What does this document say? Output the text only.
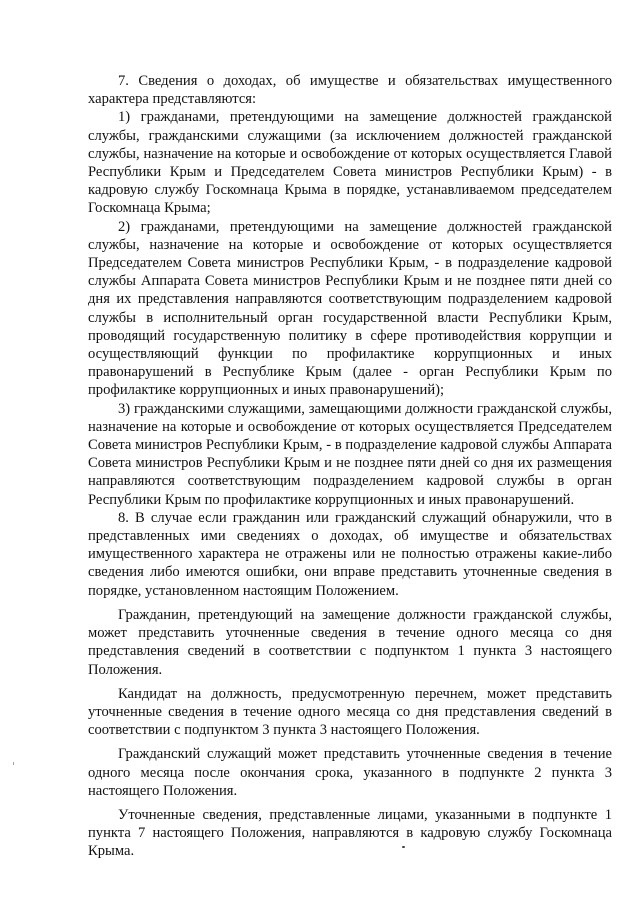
7. Сведения о доходах, об имуществе и обязательствах имущественного характера представляются:

1) гражданами, претендующими на замещение должностей гражданской службы, гражданскими служащими (за исключением должностей гражданской службы, назначение на которые и освобождение от которых осуществляется Главой Республики Крым и Председателем Совета министров Республики Крым) - в кадровую службу Госкомнаца Крыма в порядке, устанавливаемом председателем Госкомнаца Крыма;

2) гражданами, претендующими на замещение должностей гражданской службы, назначение на которые и освобождение от которых осуществляется Председателем Совета министров Республики Крым, - в подразделение кадровой службы Аппарата Совета министров Республики Крым и не позднее пяти дней со дня их представления направляются соответствующим подразделением кадровой службы в исполнительный орган государственной власти Республики Крым, проводящий государственную политику в сфере противодействия коррупции и осуществляющий функции по профилактике коррупционных и иных правонарушений в Республике Крым (далее - орган Республики Крым по профилактике коррупционных и иных правонарушений);

3) гражданскими служащими, замещающими должности гражданской службы, назначение на которые и освобождение от которых осуществляется Председателем Совета министров Республики Крым, - в подразделение кадровой службы Аппарата Совета министров Республики Крым и не позднее пяти дней со дня их размещения направляются соответствующим подразделением кадровой службы в орган Республики Крым по профилактике коррупционных и иных правонарушений.

8. В случае если гражданин или гражданский служащий обнаружили, что в представленных ими сведениях о доходах, об имуществе и обязательствах имущественного характера не отражены или не полностью отражены какие-либо сведения либо имеются ошибки, они вправе представить уточненные сведения в порядке, установленном настоящим Положением.

Гражданин, претендующий на замещение должности гражданской службы, может представить уточненные сведения в течение одного месяца со дня представления сведений в соответствии с подпунктом 1 пункта 3 настоящего Положения.

Кандидат на должность, предусмотренную перечнем, может представить уточненные сведения в течение одного месяца со дня представления сведений в соответствии с подпунктом 3 пункта 3 настоящего Положения.

Гражданский служащий может представить уточненные сведения в течение одного месяца после окончания срока, указанного в подпункте 2 пункта 3 настоящего Положения.

Уточненные сведения, представленные лицами, указанными в подпункте 1 пункта 7 настоящего Положения, направляются в кадровую службу Госкомнаца Крыма.
